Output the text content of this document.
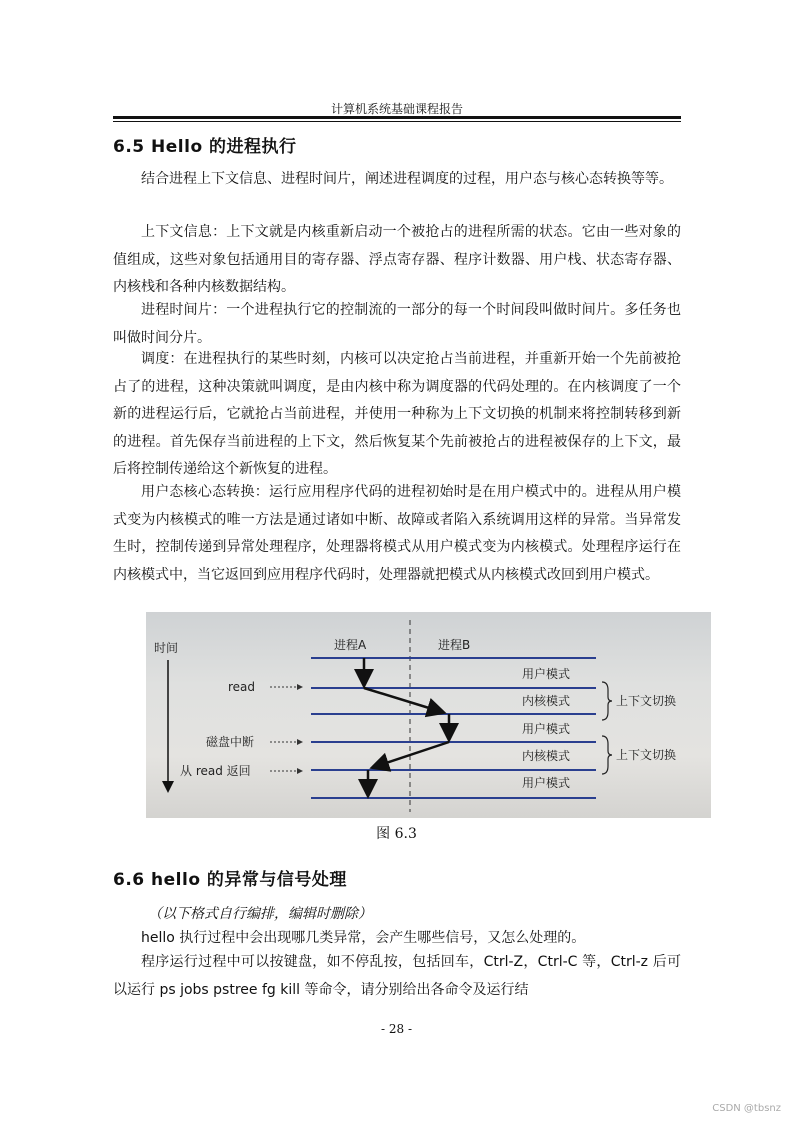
计算机系统基础课程报告
6.5 Hello 的进程执行
结合进程上下文信息、进程时间片，阐述进程调度的过程，用户态与核心态转换等等。
上下文信息：上下文就是内核重新启动一个被抢占的进程所需的状态。它由一些对象的值组成，这些对象包括通用目的寄存器、浮点寄存器、程序计数器、用户栈、状态寄存器、内核栈和各种内核数据结构。
进程时间片：一个进程执行它的控制流的一部分的每一个时间段叫做时间片。多任务也叫做时间分片。
调度：在进程执行的某些时刻，内核可以决定抢占当前进程，并重新开始一个先前被抢占了的进程，这种决策就叫调度，是由内核中称为调度器的代码处理的。在内核调度了一个新的进程运行后，它就抢占当前进程，并使用一种称为上下文切换的机制来将控制转移到新的进程。首先保存当前进程的上下文，然后恢复某个先前被抢占的进程被保存的上下文，最后将控制传递给这个新恢复的进程。
用户态核心态转换：运行应用程序代码的进程初始时是在用户模式中的。进程从用户模式变为内核模式的唯一方法是通过诸如中断、故障或者陷入系统调用这样的异常。当异常发生时，控制传递到异常处理程序，处理器将模式从用户模式变为内核模式。处理程序运行在内核模式中，当它返回到应用程序代码时，处理器就把模式从内核模式改回到用户模式。
时间	进程A	进程B
用户模式
内核模式
用户模式
内核模式
用户模式
上下文切换
上下文切换
read
磁盘中断
从 read 返回
图 6.3
6.6 hello 的异常与信号处理
（以下格式自行编排，编辑时删除）
hello 执行过程中会出现哪几类异常，会产生哪些信号，又怎么处理的。
程序运行过程中可以按键盘，如不停乱按，包括回车，Ctrl-Z，Ctrl-C 等，Ctrl-z 后可以运行 ps jobs pstree fg kill 等命令，请分别给出各命令及运行结
- 28 -
CSDN @tbsnz
